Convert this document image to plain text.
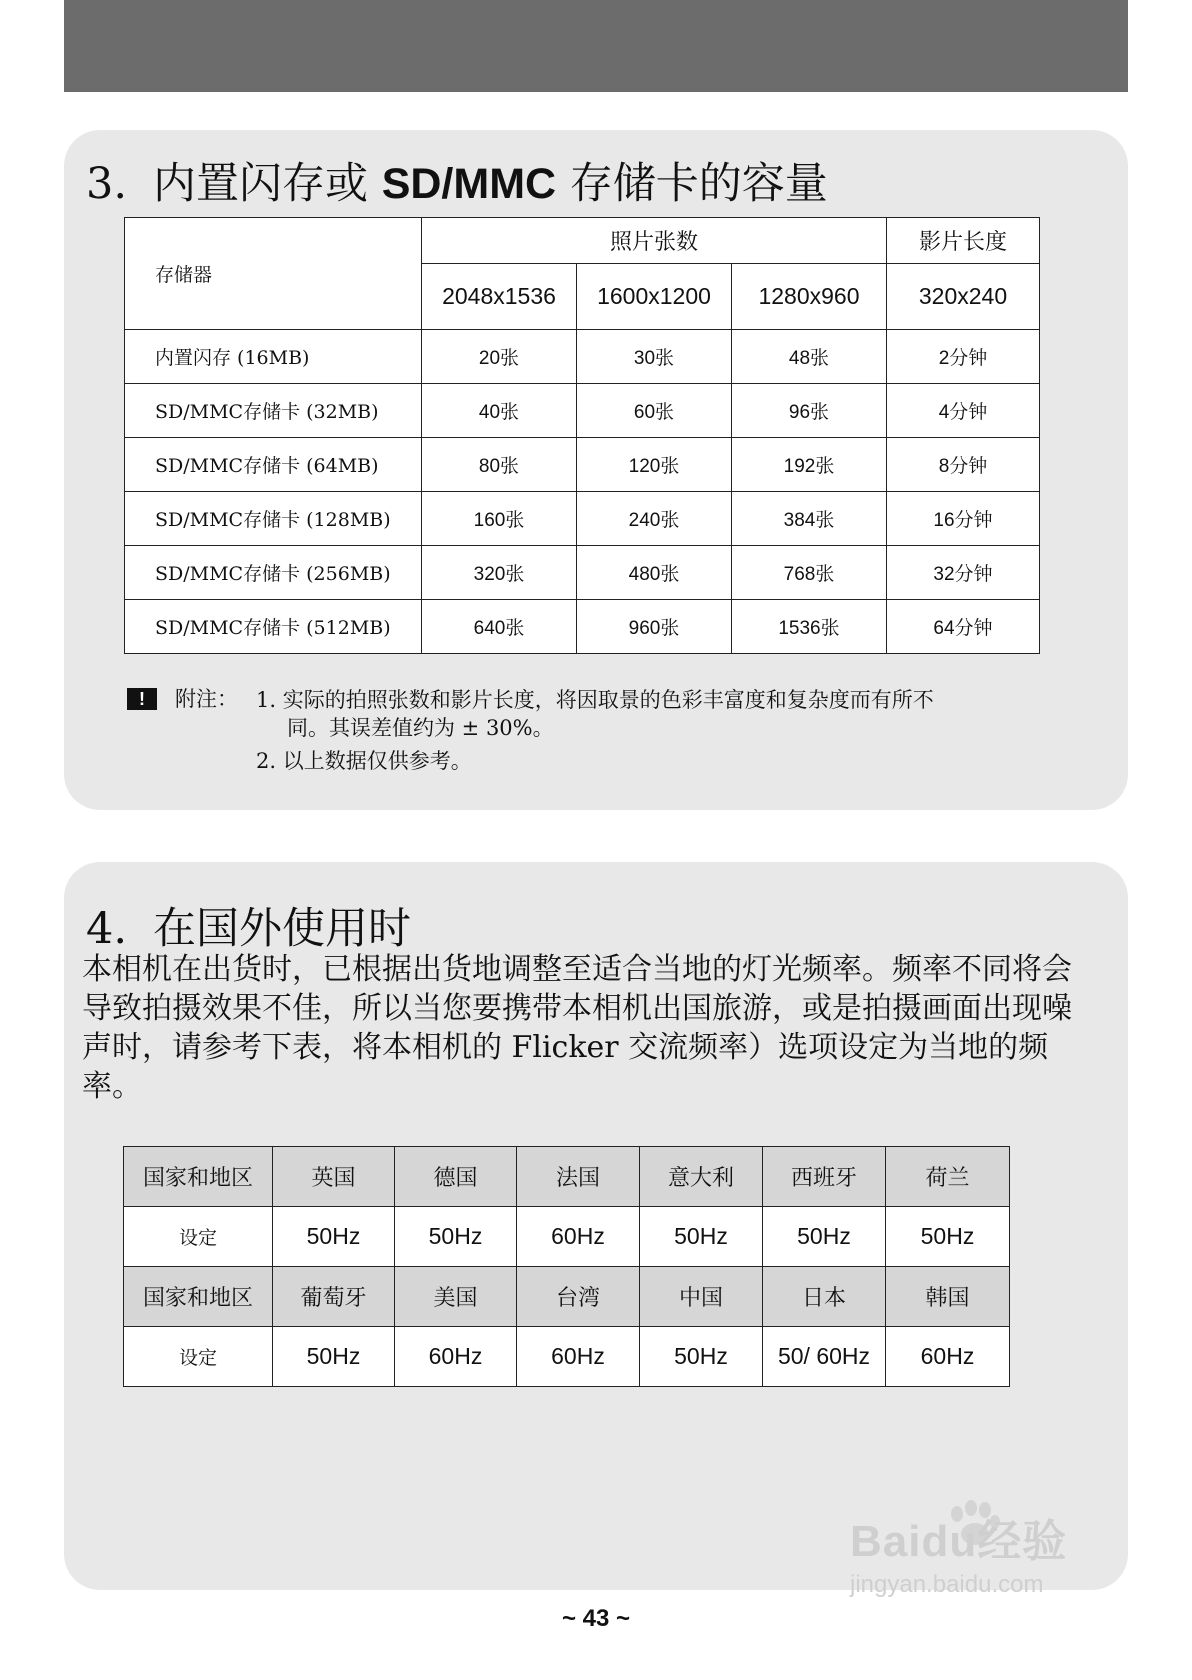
3. 内置闪存或 SD/MMC 存储卡的容量
存储器	照片张数			影片长度
	2048x1536	1600x1200	1280x960	320x240
内置闪存 (16MB)	20张	30张	48张	2分钟
SD/MMC存储卡 (32MB)	40张	60张	96张	4分钟
SD/MMC存储卡 (64MB)	80张	120张	192张	8分钟
SD/MMC存储卡 (128MB)	160张	240张	384张	16分钟
SD/MMC存储卡 (256MB)	320张	480张	768张	32分钟
SD/MMC存储卡 (512MB)	640张	960张	1536张	64分钟
!	附注： 1. 实际的拍照张数和影片长度，将因取景的色彩丰富度和复杂度而有所不
同。其误差值约为 ± 30%。
2. 以上数据仅供参考。
4. 在国外使用时
本相机在出货时，已根据出货地调整至适合当地的灯光频率。频率不同将会导致拍摄效果不佳，所以当您要携带本相机出国旅游，或是拍摄画面出现噪声时，请参考下表，将本相机的 Flicker 交流频率）选项设定为当地的频率。
国家和地区	英国	德国	法国	意大利	西班牙	荷兰
设定	50Hz	50Hz	60Hz	50Hz	50Hz	50Hz
国家和地区	葡萄牙	美国	台湾	中国	日本	韩国
设定	50Hz	60Hz	60Hz	50Hz	50/ 60Hz	60Hz
Baidu经验
jingyan.baidu.com
~ 43 ~
